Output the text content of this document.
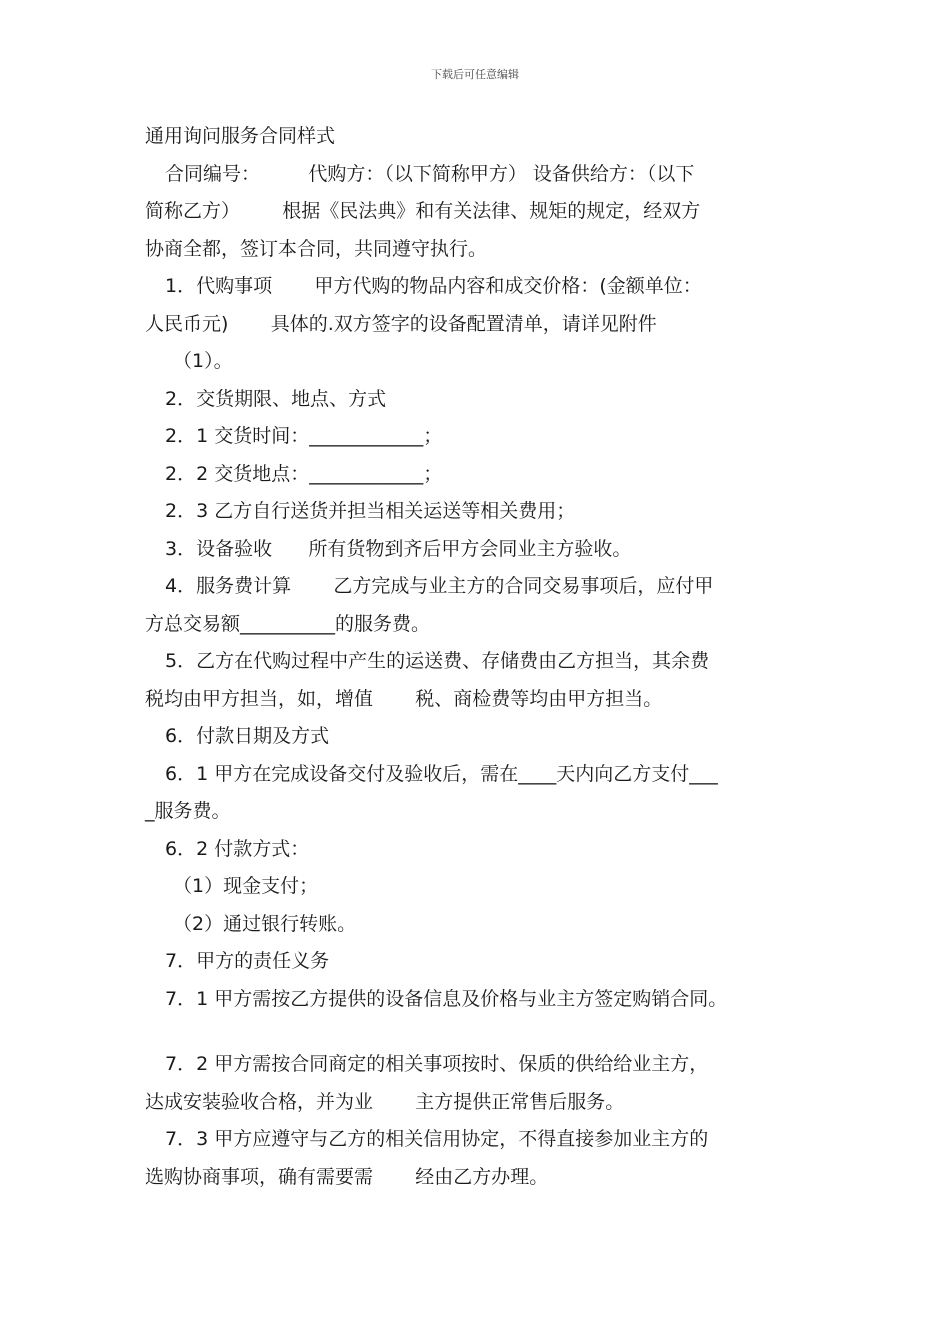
下载后可任意编辑
通用询问服务合同样式
合同编号：        代购方：（以下简称甲方） 设备供给方：（以下
简称乙方）       根据《民法典》和有关法律、规矩的规定，经双方
协商全都，签订本合同，共同遵守执行。
1．代购事项       甲方代购的物品内容和成交价格：(金额单位：
人民币元)       具体的.双方签字的设备配置清单，请详见附件
（1）。
2．交货期限、地点、方式
2．1 交货时间：____________；
2．2 交货地点：____________；
2．3 乙方自行送货并担当相关运送等相关费用；
3．设备验收      所有货物到齐后甲方会同业主方验收。
4．服务费计算       乙方完成与业主方的合同交易事项后，应付甲
方总交易额__________的服务费。
5．乙方在代购过程中产生的运送费、存储费由乙方担当，其余费
税均由甲方担当，如，增值       税、商检费等均由甲方担当。
6．付款日期及方式
6．1 甲方在完成设备交付及验收后，需在____天内向乙方支付___
_服务费。
6．2 付款方式：
（1）现金支付；
（2）通过银行转账。
7．甲方的责任义务
7．1 甲方需按乙方提供的设备信息及价格与业主方签定购销合同。
7．2 甲方需按合同商定的相关事项按时、保质的供给给业主方，
达成安装验收合格，并为业       主方提供正常售后服务。
7．3 甲方应遵守与乙方的相关信用协定，不得直接参加业主方的
选购协商事项，确有需要需       经由乙方办理。
